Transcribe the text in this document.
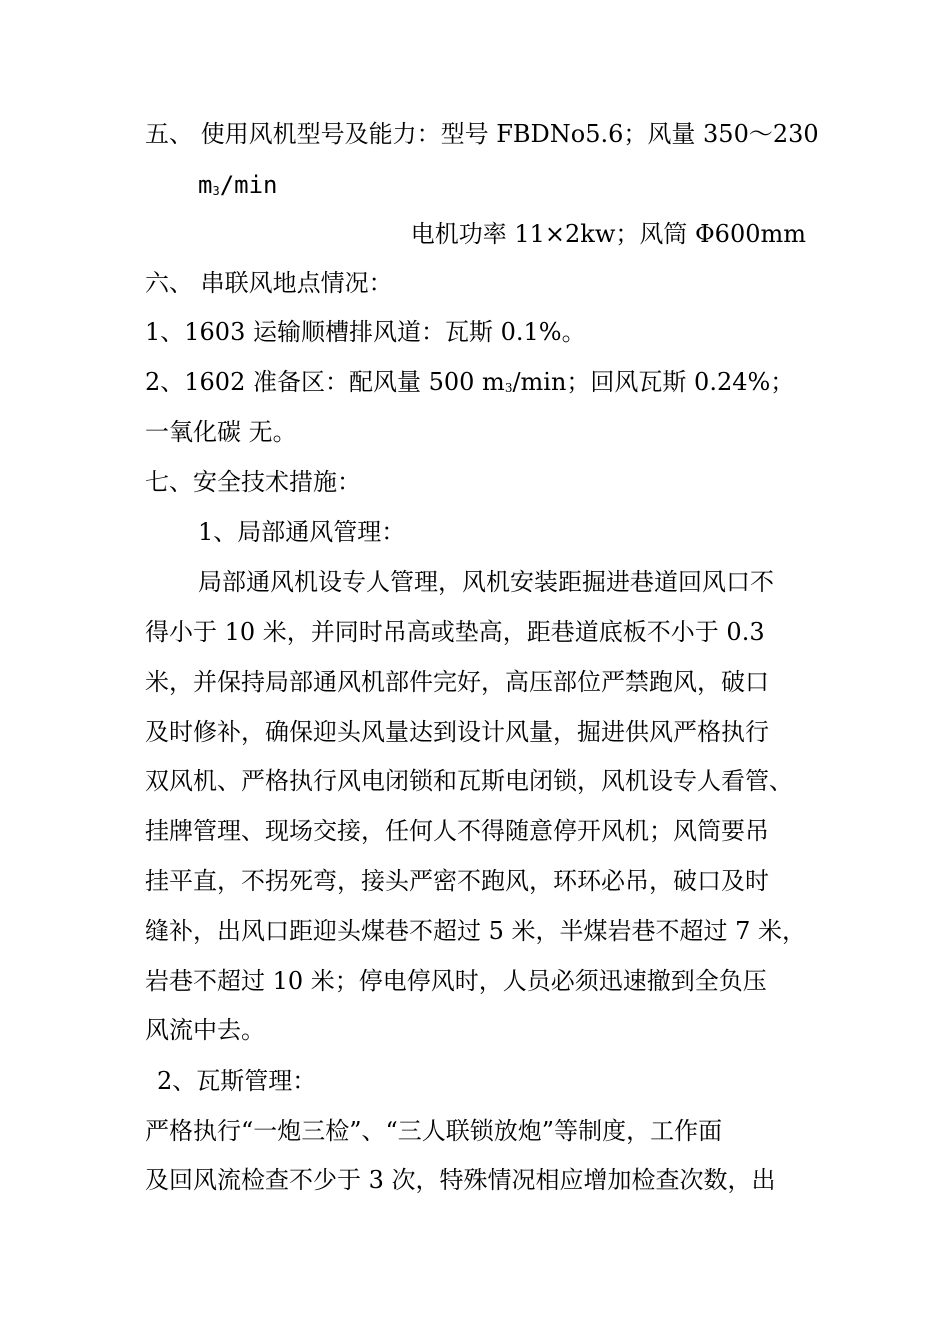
五、 使用风机型号及能力：型号 FBDNo5.6；风量 350～230
m3/min
电机功率 11×2kw；风筒 Φ600mm
六、 串联风地点情况：
1、1603 运输顺槽排风道：瓦斯 0.1%。
2、1602 准备区：配风量 500 m3/min；回风瓦斯 0.24%；
一氧化碳 无。
七、安全技术措施：
1、局部通风管理：
局部通风机设专人管理，风机安装距掘进巷道回风口不
得小于 10 米，并同时吊高或垫高，距巷道底板不小于 0.3
米，并保持局部通风机部件完好，高压部位严禁跑风，破口
及时修补，确保迎头风量达到设计风量，掘进供风严格执行
双风机、严格执行风电闭锁和瓦斯电闭锁，风机设专人看管、
挂牌管理、现场交接，任何人不得随意停开风机；风筒要吊
挂平直，不拐死弯，接头严密不跑风，环环必吊，破口及时
缝补，出风口距迎头煤巷不超过 5 米，半煤岩巷不超过 7 米，
岩巷不超过 10 米；停电停风时，人员必须迅速撤到全负压
风流中去。
2、瓦斯管理：
严格执行“一炮三检”、“三人联锁放炮”等制度，工作面
及回风流检查不少于 3 次，特殊情况相应增加检查次数，出
